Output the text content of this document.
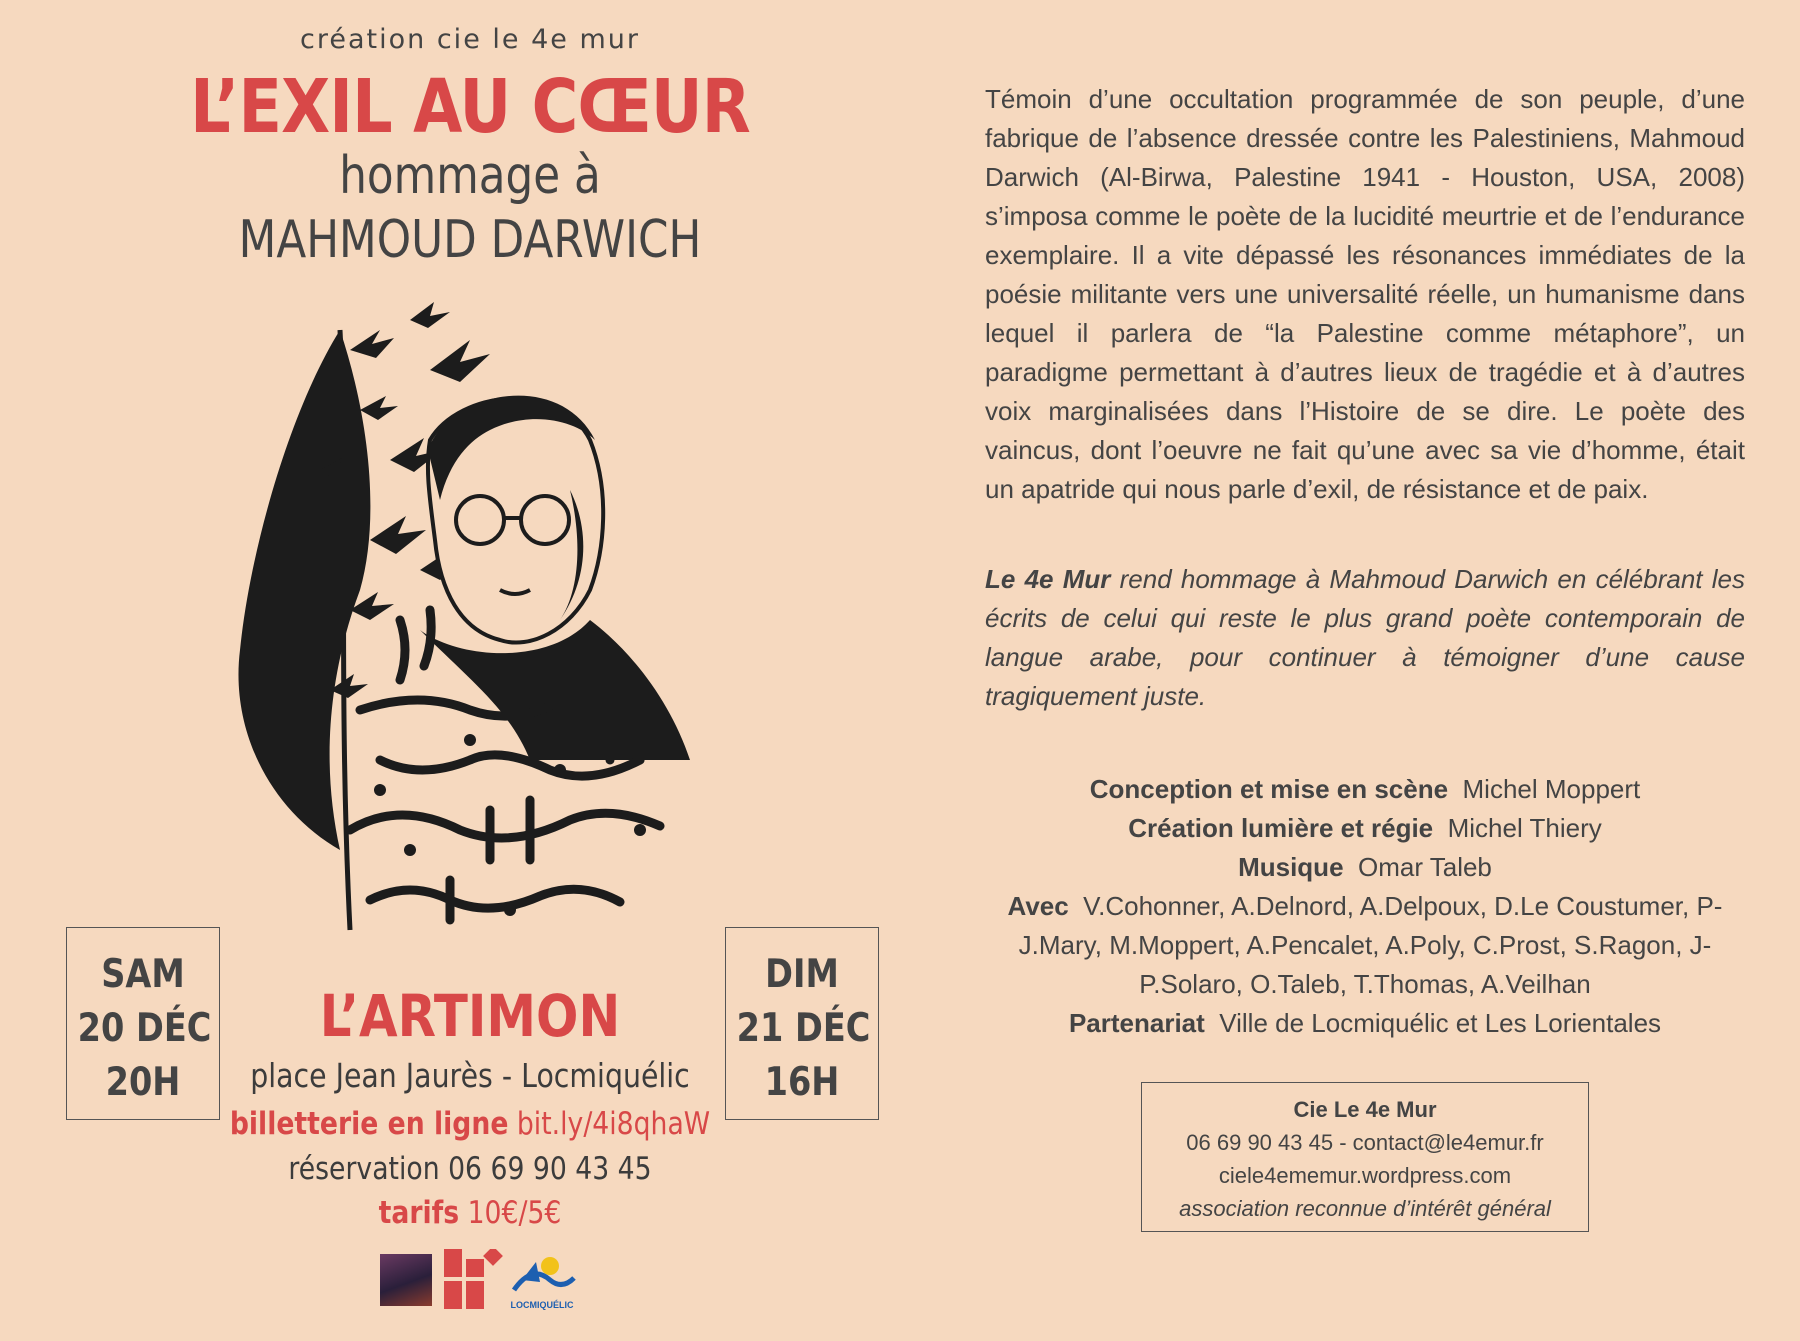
création cie le 4e mur
L’EXIL AU CŒUR
hommage à
MAHMOUD DARWICH
SAM
20 DÉC
20H
DIM
21 DÉC
16H
L’ARTIMON
place Jean Jaurès - Locmiquélic
billetterie en ligne bit.ly/4i8qhaW
réservation 06 69 90 43 45
tarifs 10€/5€
LOCMIQUÉLIC
Témoin d’une occultation programmée de son peuple, d’une fabrique de l’absence dressée contre les Palestiniens, Mahmoud Darwich (Al-Birwa, Palestine 1941 - Houston, USA, 2008) s’imposa comme le poète de la lucidité meurtrie et de l’endurance exemplaire. Il a vite dépassé les résonances immédiates de la poésie militante vers une universalité réelle, un humanisme dans lequel il parlera de “la Palestine comme métaphore”, un paradigme permettant à d’autres lieux de tragédie et à d’autres voix marginalisées dans l’Histoire de se dire. Le poète des vaincus, dont l’oeuvre ne fait qu’une avec sa vie d’homme, était un apatride qui nous parle d’exil, de résistance et de paix.
Le 4e Mur rend hommage à Mahmoud Darwich en célébrant les écrits de celui qui reste le plus grand poète contemporain de langue arabe, pour continuer à témoigner d’une cause tragiquement juste.
Conception et mise en scène Michel Moppert
Création lumière et régie Michel Thiery
Musique Omar Taleb
Avec V.Cohonner, A.Delnord, A.Delpoux, D.Le Coustumer, P-J.Mary, M.Moppert, A.Pencalet, A.Poly, C.Prost, S.Ragon, J-P.Solaro, O.Taleb, T.Thomas, A.Veilhan
Partenariat Ville de Locmiquélic et Les Lorientales
Cie Le 4e Mur
06 69 90 43 45 - contact@le4emur.fr
ciele4ememur.wordpress.com
association reconnue d’intérêt général
